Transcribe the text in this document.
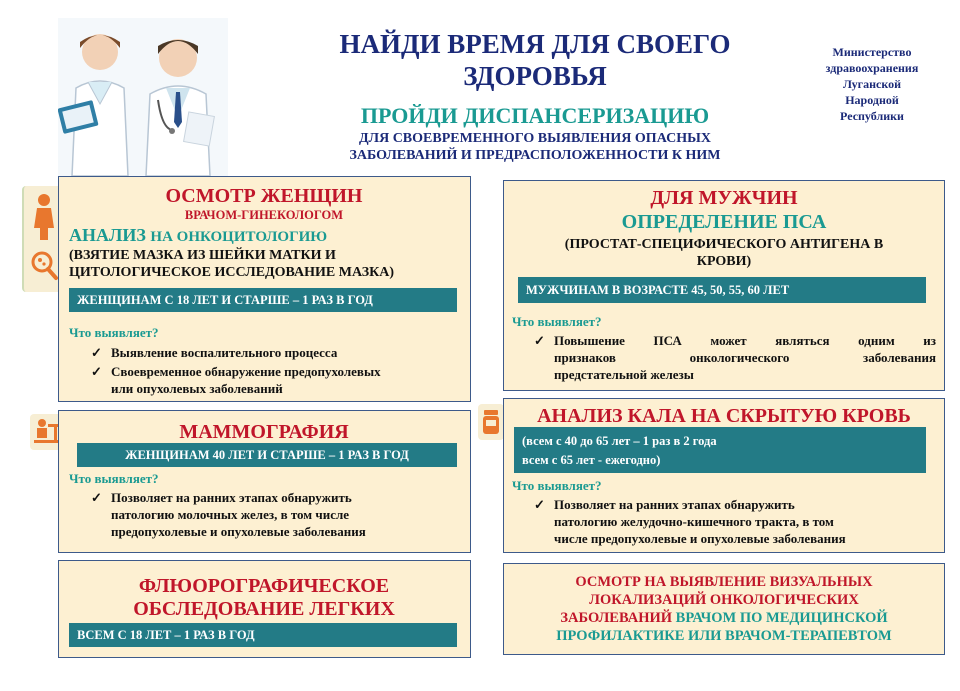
НАЙДИ ВРЕМЯ ДЛЯ СВОЕГО
ЗДОРОВЬЯ
ПРОЙДИ ДИСПАНСЕРИЗАЦИЮ
ДЛЯ СВОЕВРЕМЕННОГО ВЫЯВЛЕНИЯ ОПАСНЫХ
ЗАБОЛЕВАНИЙ И ПРЕДРАСПОЛОЖЕННОСТИ К НИМ
Министерство
здравоохранения
Луганской
Народной
Республики
ОСМОТР ЖЕНЩИН
ВРАЧОМ-ГИНЕКОЛОГОМ
АНАЛИЗ НА ОНКОЦИТОЛОГИЮ
(ВЗЯТИЕ МАЗКА ИЗ ШЕЙКИ МАТКИ И
ЦИТОЛОГИЧЕСКОЕ ИССЛЕДОВАНИЕ МАЗКА)
ЖЕНЩИНАМ С 18 ЛЕТ И СТАРШЕ – 1 РАЗ В ГОД
Что выявляет?
✓ Выявление воспалительного процесса
✓ Своевременное обнаружение предопухолевых
или опухолевых заболеваний
МАММОГРАФИЯ
ЖЕНЩИНАМ 40 ЛЕТ И СТАРШЕ – 1 РАЗ В ГОД
Что выявляет?
✓ Позволяет на ранних этапах обнаружить
патологию молочных желез, в том числе
предопухолевые и опухолевые заболевания
ФЛЮОРОГРАФИЧЕСКОЕ
ОБСЛЕДОВАНИЕ ЛЕГКИХ
ВСЕМ С 18 ЛЕТ – 1 РАЗ В ГОД
ДЛЯ МУЖЧИН
ОПРЕДЕЛЕНИЕ ПСА
(ПРОСТАТ-СПЕЦИФИЧЕСКОГО АНТИГЕНА В
КРОВИ)
МУЖЧИНАМ В ВОЗРАСТЕ 45, 50, 55, 60 ЛЕТ
Что выявляет?
✓ Повышение ПСА может являться одним из
признаков онкологического заболевания
предстательной железы
АНАЛИЗ КАЛА НА СКРЫТУЮ КРОВЬ
(всем с 40 до 65 лет – 1 раз в 2 года
всем с 65 лет - ежегодно)
Что выявляет?
✓ Позволяет на ранних этапах обнаружить
патологию желудочно-кишечного тракта, в том
числе предопухолевые и опухолевые заболевания
ОСМОТР НА ВЫЯВЛЕНИЕ ВИЗУАЛЬНЫХ
ЛОКАЛИЗАЦИЙ ОНКОЛОГИЧЕСКИХ
ЗАБОЛЕВАНИЙ ВРАЧОМ ПО МЕДИЦИНСКОЙ
ПРОФИЛАКТИКЕ ИЛИ ВРАЧОМ-ТЕРАПЕВТОМ
